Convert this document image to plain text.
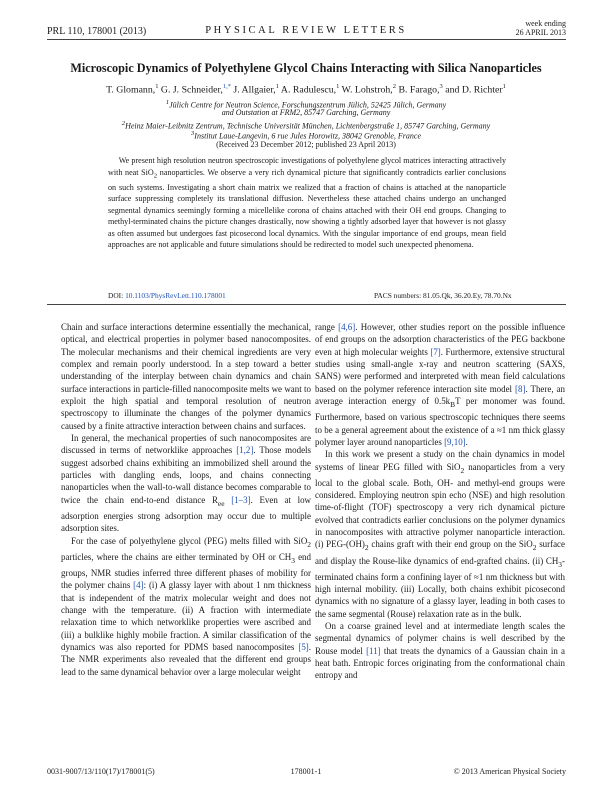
PRL 110, 178001 (2013)	PHYSICAL REVIEW LETTERS
week ending
26 APRIL 2013
Microscopic Dynamics of Polyethylene Glycol Chains Interacting with Silica Nanoparticles
T. Glomann,$^1$ G. J. Schneider,$^{1,*}$ J. Allgaier,$^1$ A. Radulescu,$^1$ W. Lohstroh,$^2$ B. Farago,$^3$ and D. Richter$^1$
$^1$Jülich Centre for Neutron Science, Forschungszentrum Jülich, 52425 Jülich, Germany
and Outstation at FRM2, 85747 Garching, Germany
$^2$Heinz Maier-Leibnitz Zentrum, Technische Universität München, Lichtenbergstraße 1, 85747 Garching, Germany
$^3$Institut Laue-Langevin, 6 rue Jules Horowitz, 38042 Grenoble, France
(Received 23 December 2012; published 23 April 2013)
We present high resolution neutron spectroscopic investigations of polyethylene glycol matrices interacting attractively with neat SiO$_2$ nanoparticles. We observe a very rich dynamical picture that significantly contradicts earlier conclusions on such systems. Investigating a short chain matrix we realized that a fraction of chains is attached at the nanoparticle surface suppressing completely its translational diffusion. Nevertheless these attached chains undergo an unchanged segmental dynamics seemingly forming a micellelike corona of chains attached with their OH end groups. Changing to methyl-terminated chains the picture changes drastically, now showing a tightly adsorbed layer that however is not glassy as often assumed but undergoes fast picosecond local dynamics. With the singular importance of end groups, mean field approaches are not applicable and future simulations should be redirected to model such unexpected phenomena.
DOI: 10.1103/PhysRevLett.110.178001	PACS numbers: 81.05.Qk, 36.20.Ey, 78.70.Nx

Chain and surface interactions determine essentially the mechanical, optical, and electrical properties in polymer based nanocomposites. The molecular mechanisms and their chemical ingredients are very complex and remain poorly understood. In a step toward a better understanding of the interplay between chain dynamics and chain surface interactions in particle-filled nanocomposite melts we want to exploit the high spatial and temporal resolution of neutron spectroscopy to illuminate the changes of the polymer dynamics caused by a finite attractive interaction between chains and surfaces.

In general, the mechanical properties of such nanocomposites are discussed in terms of networklike approaches [1,2]. Those models suggest adsorbed chains exhibiting an immobilized shell around the particles with dangling ends, loops, and chains connecting nanoparticles when the wall-to-wall distance becomes comparable to twice the chain end-to-end distance $R_{ee}$ [1–3]. Even at low adsorption energies strong adsorption may occur due to multiple adsorption sites.

For the case of polyethylene glycol (PEG) melts filled with SiO$_2$ particles, where the chains are either terminated by OH or $CH_3$ end groups, NMR studies inferred three different phases of mobility for the polymer chains [4]: (i) A glassy layer with about 1 nm thickness that is independent of the matrix molecular weight and does not change with the temperature. (ii) A fraction with intermediate relaxation time to which networklike properties were ascribed and (iii) a bulklike highly mobile fraction. A similar classification of the dynamics was also reported for PDMS based nanocomposites [5]. The NMR experiments also revealed that the different end groups lead to the same dynamical behavior over a large molecular weight

range [4,6]. However, other studies report on the possible influence of end groups on the adsorption characteristics of the PEG backbone even at high molecular weights [7]. Furthermore, extensive structural studies using small-angle x-ray and neutron scattering (SAXS, SANS) were performed and interpreted with mean field calculations based on the polymer reference interaction site model [8]. There, an average interaction energy of $0.5k_BT$ per monomer was found. Furthermore, based on various spectroscopic techniques there seems to be a general agreement about the existence of a ≈1 nm thick glassy polymer layer around nanoparticles [9,10].

In this work we present a study on the chain dynamics in model systems of linear PEG filled with SiO$_2$ nanoparticles from a very local to the global scale. Both, OH- and methyl-end groups were considered. Employing neutron spin echo (NSE) and high resolution time-of-flight (TOF) spectroscopy a very rich dynamical picture evolved that contradicts earlier conclusions on the polymer dynamics in nanocomposites with attractive polymer nanoparticle interaction. (i) PEG-$(OH)_2$ chains graft with their end group on the SiO$_2$ surface and display the Rouse-like dynamics of end-grafted chains. (ii) $CH_3$-terminated chains form a confining layer of ≈1 nm thickness but with high internal mobility. (iii) Locally, both chains exhibit picosecond dynamics with no signature of a glassy layer, leading in both cases to the same segmental (Rouse) relaxation rate as in the bulk.

On a coarse grained level and at intermediate length scales the segmental dynamics of polymer chains is well described by the Rouse model [11] that treats the dynamics of a Gaussian chain in a heat bath. Entropic forces originating from the conformational chain entropy and

0031-9007/13/110(17)/178001(5)	178001-1	© 2013 American Physical Society
